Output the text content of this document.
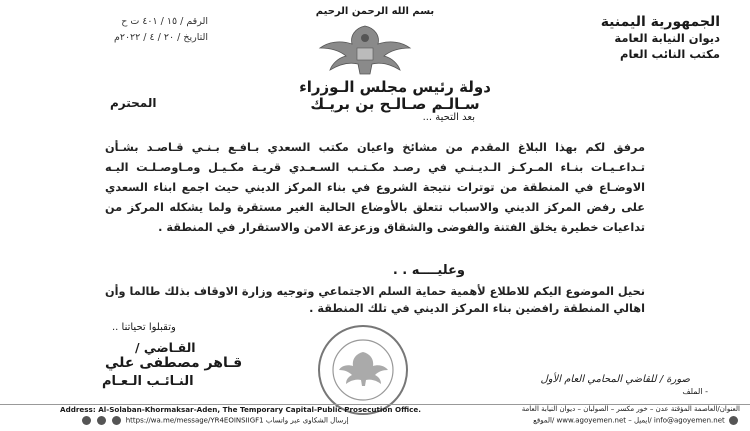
الجمهورية اليمنية
ديوان النيابة العامة
مكتب النائب العام
بسم الله الرحمن الرحيم
الرقم / ١٥ / ٤٠١ ت ح
التاريخ / ٢٠ / ٤ / ٢٠٢٢م
دولة رئيس مجلس الـوزراء
سـالـم صـالـح بن بريـك
المحترم
بعد التحية ...
مرفق لكم بهذا البلاغ المقدم من مشائخ واعيان مكتب السعدي بـافـع بـنـي قـاصـد بشـأن تـداعـيـات بنـاء المـركـز الـديـنـي في رصـد مكـتـب السـعـدي قريـة مكـيـل ومـاوصـلـت اليـه الاوضـاع في المنطقة من توترات نتيجة الشروع في بناء المركز الديني حيث اجمع ابناء السعدي على رفض المركز الديني والاسباب تتعلق بالأوضاع الحالية الغير مستقرة ولما يشكله المركز من تداعيات خطيرة يخلق الفتنة والفوضى والشقاق وزعزعة الامن والاستقرار في المنطقة .
وعليــــه . .
نحيل الموضوع اليكم للاطلاع لأهمية حماية السلم الاجتماعي وتوجيه وزارة الاوقاف بذلك طالما وأن اهالي المنطقة رافضين بناء المركز الديني في تلك المنطقة .
وتقبلوا تحياتنا ..
القـاضي /
قـاهر مصطفى علي
النـائـب الـعـام	صورة / للقاضي المحامي العام الأول
- الملف
Address: Al-Solaban-Khormaksar-Aden, The Temporary Capital-Public Prosecution Office.
https://wa.me/message/YR4EOINSIIGF1 إرسال الشكاوى عبر واتساب
العنوان/العاصمة المؤقتة عدن – خور مكسر – الصولبان – ديوان النيابة العامة
info@agoyemen.net /ايميل – www.agoyemen.net /الموقع
